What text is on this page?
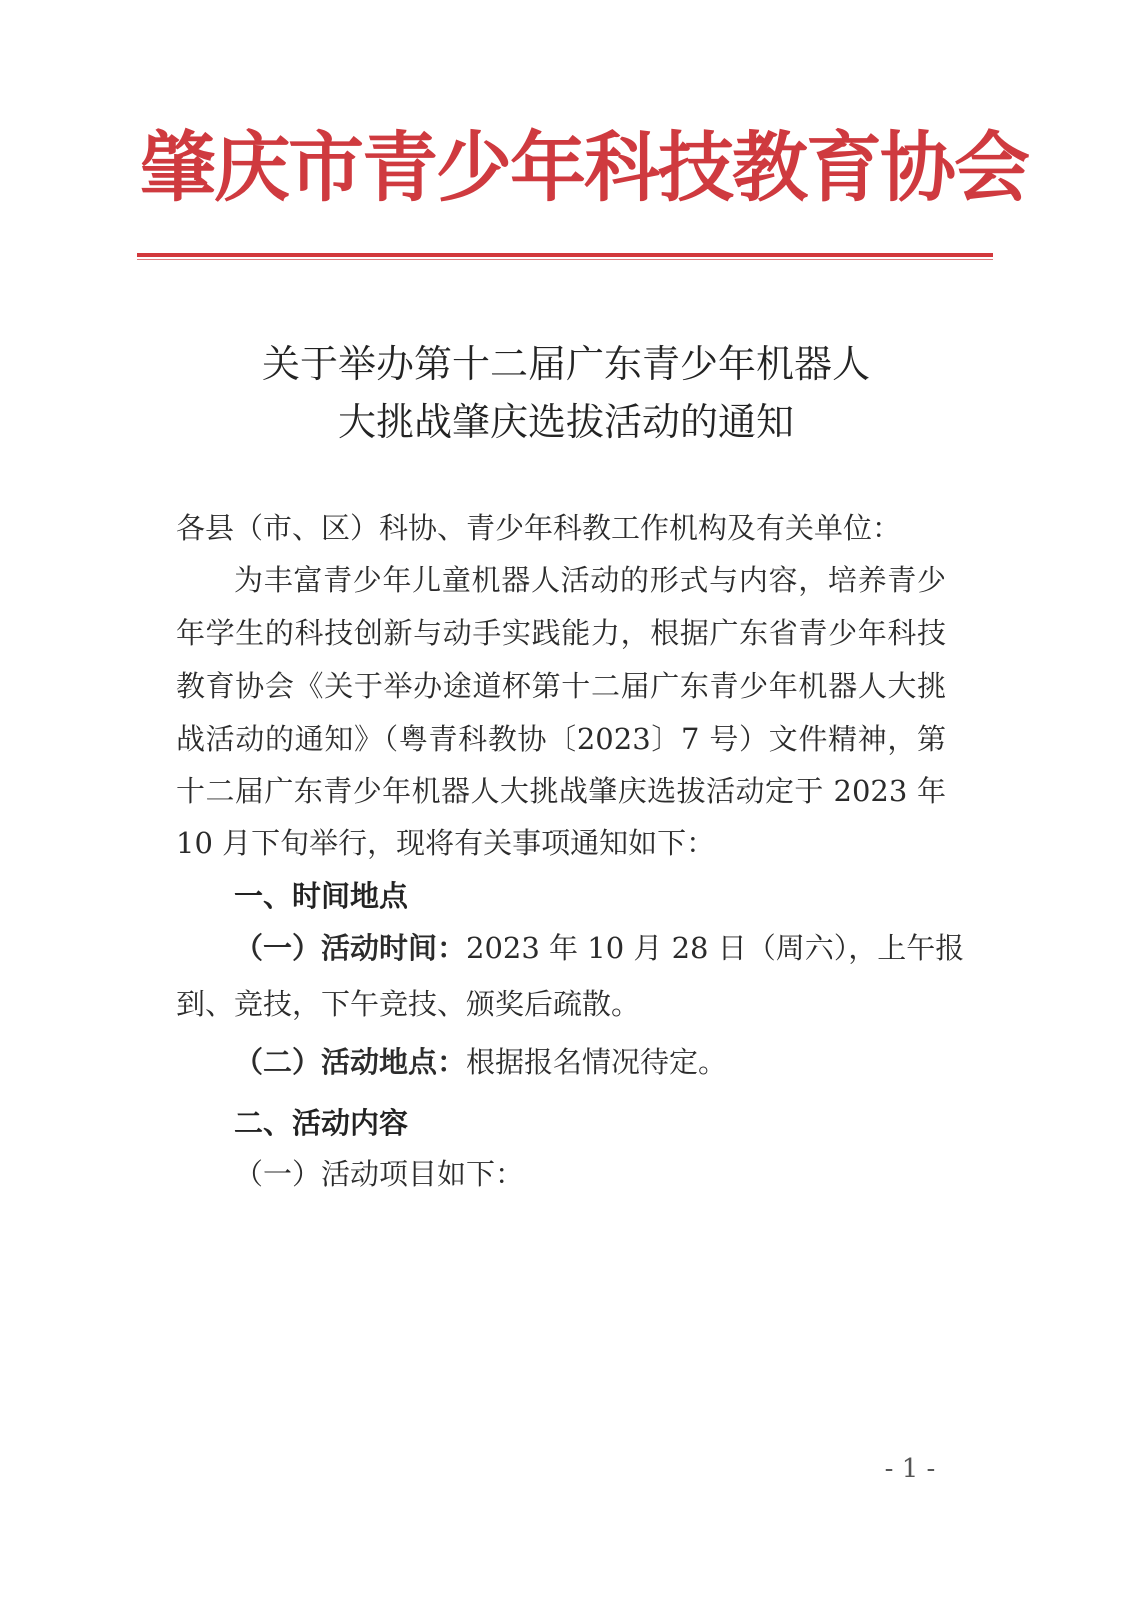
肇庆市青少年科技教育协会
关于举办第十二届广东青少年机器人
大挑战肇庆选拔活动的通知
各县（市、区）科协、青少年科教工作机构及有关单位：
为丰富青少年儿童机器人活动的形式与内容，培养青少
年学生的科技创新与动手实践能力，根据广东省青少年科技
教育协会《关于举办途道杯第十二届广东青少年机器人大挑
战活动的通知》（粤青科教协〔2023〕7 号）文件精神，第
十二届广东青少年机器人大挑战肇庆选拔活动定于 2023 年
10 月下旬举行，现将有关事项通知如下：
一、时间地点
（一）活动时间：2023 年 10 月 28 日（周六），上午报
到、竞技，下午竞技、颁奖后疏散。
（二）活动地点：根据报名情况待定。
二、活动内容
（一）活动项目如下：
- 1 -
